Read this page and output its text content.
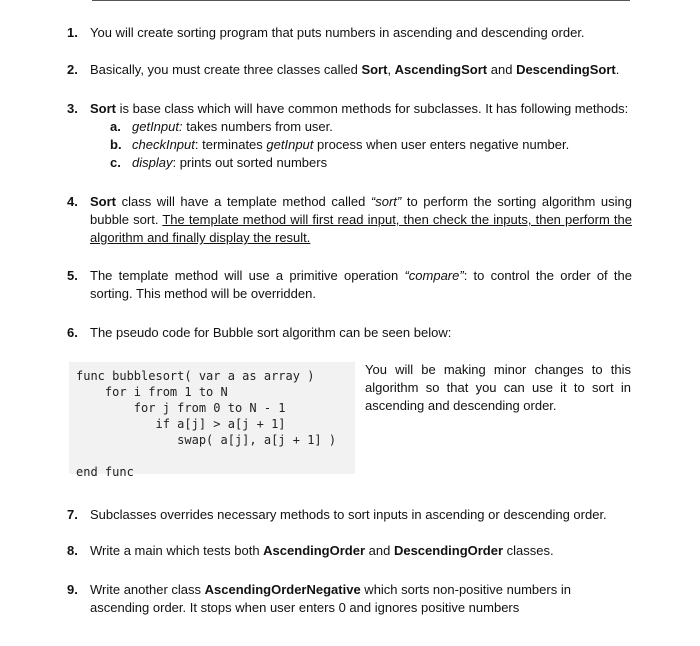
1. You will create sorting program that puts numbers in ascending and descending order.
2. Basically, you must create three classes called Sort, AscendingSort and DescendingSort.
3. Sort is base class which will have common methods for subclasses. It has following methods:
a. getInput: takes numbers from user.
b. checkInput: terminates getInput process when user enters negative number.
c. display: prints out sorted numbers
4. Sort class will have a template method called “sort” to perform the sorting algorithm using bubble sort. The template method will first read input, then check the inputs, then perform the algorithm and finally display the result.
5. The template method will use a primitive operation “compare”: to control the order of the sorting. This method will be overridden.
6. The pseudo code for Bubble sort algorithm can be seen below:
func bubblesort( var a as array )
for i from 1 to N
for j from 0 to N - 1
if a[j] > a[j + 1]
swap( a[j], a[j + 1] )

end func
You will be making minor changes to this algorithm so that you can use it to sort in ascending and descending order.
7. Subclasses overrides necessary methods to sort inputs in ascending or descending order.
8. Write a main which tests both AscendingOrder and DescendingOrder classes.
9. Write another class AscendingOrderNegative which sorts non-positive numbers in ascending order. It stops when user enters 0 and ignores positive numbers
